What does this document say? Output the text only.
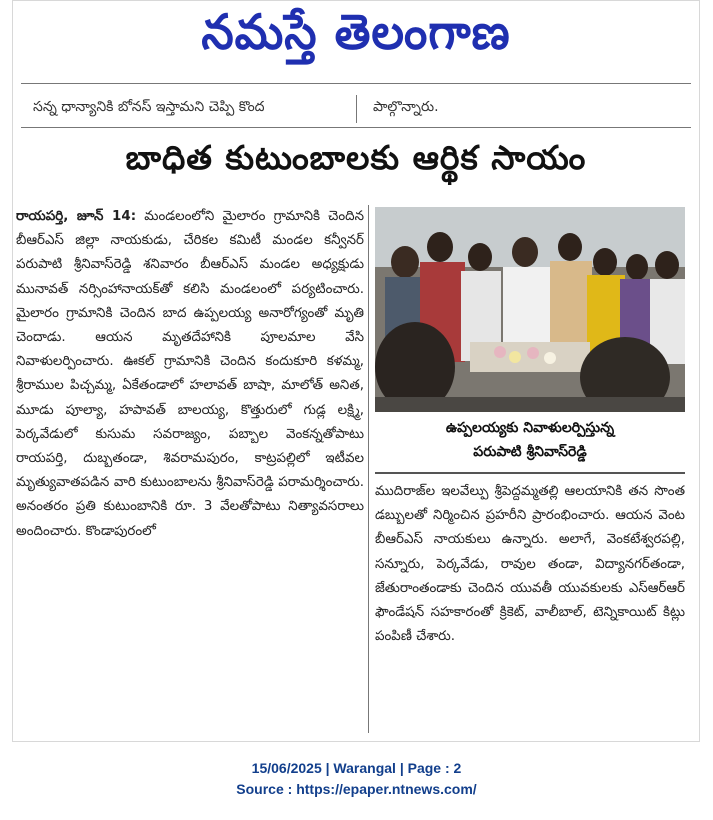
నమస్తే తెలంగాణ
సన్న ధాన్యానికి బోనస్ ఇస్తామని చెప్పి కొంద	పాల్గొన్నారు.
బాధిత కుటుంబాలకు ఆర్థిక సాయం

రాయపర్తి, జూన్ 14: మండలంలోని మైలారం గ్రామానికి చెందిన బీఆర్ఎస్ జిల్లా నాయకుడు, చేరికల కమిటీ మండల కన్వీనర్ పరుపాటి శ్రీనివాస్‌రెడ్డి శనివారం బీఆర్ఎస్ మండల అధ్యక్షుడు మునావత్ నర్సింహానాయక్‌తో కలిసి మండలంలో పర్యటించారు. మైలారం గ్రామానికి చెందిన బాద ఉప్పలయ్య అనారోగ్యంతో మృతి చెందాడు. ఆయన మృతదేహానికి పూలమాల వేసి నివాళులర్పించారు. ఊకల్ గ్రామానికి చెందిన కందుకూరి కళమ్మ, శ్రీరాముల పిచ్చమ్మ, ఏకేతండాలో హలావత్ బాషా, మాలోత్ అనిత, మూడు పూల్యా, హపావత్ బాలయ్య, కొత్తురులో గుడ్ల లక్ష్మి, పెర్కవేడులో కుసుమ సవరాజ్యం, పబ్బాల వెంకన్నతోపాటు రాయపర్తి, దుబ్బతండా, శివరామపురం, కాట్రపల్లిలో ఇటీవల మృత్యువాతపడిన వారి కుటుంబాలను శ్రీనివాస్‌రెడ్డి పరామర్శించారు. అనంతరం ప్రతి కుటుంబానికి రూ. 3 వేలతోపాటు నిత్యావసరాలు అందించారు. కొండాపురంలో

ఉప్పలయ్యకు నివాళులర్పిస్తున్న
పరుపాటి శ్రీనివాస్‌రెడ్డి

ముదిరాజ్‌ల ఇలవేల్పు శ్రీపెద్దమ్మతల్లి ఆలయానికి తన సొంత డబ్బులతో నిర్మించిన ప్రహరీని ప్రారంభించారు. ఆయన వెంట బీఆర్ఎస్ నాయకులు ఉన్నారు. అలాగే, వెంకటేశ్వరపల్లి, సన్నూరు, పెర్కవేడు, రావుల తండా, విద్యానగర్‌తండా, జేతురాంతండాకు చెందిన యువతీ యువకులకు ఎస్ఆర్ఆర్ ఫౌండేషన్ సహకారంతో క్రికెట్, వాలీబాల్, టెన్నికాయిట్ కిట్లు పంపిణీ చేశారు.

15/06/2025 | Warangal | Page : 2
Source : https://epaper.ntnews.com/
